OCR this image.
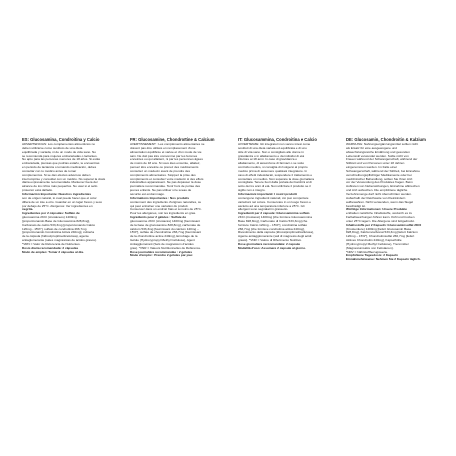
ES: Glucosamina, Condroitina y Calcio
ADVERTENCIAS: Los complementos alimenticios no
deben utilizarse como sustituto de una dieta
equilibrada y variada, ni de un modo de vida sano. No
se recomienda para mujeres embarazadas o lactantes.
No apto para las personas menores de 18 años. Si estás
embarazada, piensas que podrías estarlo, te encuentras
en periodo de lactancia o tomando medicación, debes
consultar con tu médico antes de tomar
complementos. Si se dan efectos adversos deben
interrumpirse y consultar con un médico. No superar la dosis
diaria expresamente recomendada. Mantener fuera del
alcance de los niños más pequeños. No usar si el sello
protector está dañado.
Información Importante: Nuestros ingredientes
son de origen natural, lo cual puede hacer que el color
difiera de un lote a otro. Guardar en un lugar fresco y seco
por debajo de 25°C. Alérgenos: Ver ingredientes en
negrita.
Ingredientes por 2 cápsulas: Sulfato de
glucosamina 2KCl (crustáceos) 1400mg
[proporcionando Base de Glucosamina 828,8mg],
Carbonato de calcio 533,3mg [proporcionando Calcio
120mg - 15%*], sulfato de condroitina 266,7mg
[proporcionando Condroitina Activa 240mg], cubierta
de la cápsula (hidroxipropilmetilcelulosa), agente
antiaglomerante (sales magnésicas de ácidos grasos).
*VRN = Valor de Referencia de Nutrientes.
Dosis diaria recomendada: 2 cápsulas
Modo de empleo: Tomar 2 cápsulas al día.
FR: Glucosamine, Chondroïtine & Calcium
AVERTISSEMENT : Les compléments alimentaires ne
doivent pas être utilisés en remplacement d'une
alimentation équilibrée et variée et d'un mode de vie
sain. Ne doit pas être consommé par les femmes
enceintes ou qui allaitent, ni par les personnes âgées
de moins de 18 ans. Si vous êtes enceinte, allaitez,
pensez être enceinte ou prenez des médicaments
consultez un médecin avant de prendre des
compléments alimentaires. Stoppez la prise des
compléments et consultez votre médecin si des effets
indésirables apparaissent. Ne pas dépasser la dose
journalière recommandée. Tenir hors de portée des
jeunes enfants. Ne pas utiliser si le sceau de
sécurité est endommagé.
Informations Importantes : Nos produits
contiennent des ingrédients d'origines naturelles, ce
qui peut entraîner une variation du produit.
Conservez dans un endroit frais et à moins de 25°C.
Pour les allergènes, voir les ingrédients en gras.
Ingrédients pour 2 gélules : Sulfate de
glucosamine 2KCl (crustacés) 1400mg [fournissant
de la base de glucosamine 828,8mg], carbonate de
calcium 533,3mg [fournissant du calcium 120mg –
15%*], sulfate de chondroïtine 266,7mg [fournissant
de la chondroïtine active 240mg], Enrobage de la
Gélule (Hydroxypropyl Methyl Cellulose), Agent
Antiagglomérant (Sels de magnésium d'acides
gras). *VNR = Valeurs Nutritionnelles de Référence.
Dose journalière recommandée : 2 gélules
Mode d'emploi : Prendre 2 gélules par jour.
IT: Glucosammina, Condroitina e Calcio
AVVERTENZE: Gli integratori non vanno intesi come
sostituti di una dieta variata ed equilibrata e di uno
stile di vita sano. Non è consigliato alle donne in
gravidanza o in allattamento e da individui di età
inferiore ai 18 anni. In caso di gravidanza o
allattamento, di assunzione di farmaci o se sotto
controllo medico, si consiglia di rivolgersi al proprio
medico prima di assumere qualsiasi integratore. In
caso di effetti indesiderati, sospendere il trattamento e
consultare un medico. Non superare la dose giornaliera
consigliata. Tenere fuori dalla portata dei bambini al di
sotto dei tre anni di età. Non utilizzare il prodotto se il
sigillo non è integro.
Informazioni importanti: I nostri prodotti
contengono ingredienti naturali, ciò può comportare
variazioni nel colore. Conservare in un luogo fresco e
asciutto ad una temperatura inferiore a 25°C. Gli
allergeni sono segnalati in grassetto.
Ingredienti per 2 capsule: Glucosammina solfato
2KCl (crostacei) 1400mg [che fornisce Glucosammina
Base 828,8mg], Carbonato di Calcio 533,3mg [che
fornisce Calcio 120mg – 15%*], condroitina solfato
266,7mg [che fornisce condroitina attiva 240mg],
Rivestimento della capsula (Idrossipropilmetilcellulosa),
Agente antiagglomerante (sali di magnesio degli acidi
grassi). *VNR = Valore di Riferimento Nutritivo.
Dose giornaliera raccomandata: 2 capsule
Modalità d'uso: Assumere 2 capsule al giorno.
DE: Glucosamin, Chondroitin & Kalzium
WARNUNG: Nahrungsergänzungsmittel sollten nicht
als Ersatz für eine ausgewogene und
abwechslungsreiche Ernährung und gesunden
Lebensstil verwendet werden. Sollte nicht von
Frauen während der Schwangerschaft, während der
Stillzeit und von Personen unter 18 Jahren
eingenommen werden. Im Falle einer
Schwangerschaft, während der Stillzeit, bei Einnahme
verschreibungspflichtiger Medikamente oder bei
medizinischer Behandlung, sollten Sie Ihren Arzt
vor der Verwendung des Produktes fragen. Beim
Auftreten von Nebenwirkungen, Einnahme abbrechen
und Arzt aufsuchen. Die empfohlene tägliche
Verzehrsmenge darf nicht überschritten werden.
Außerhalb der Reichweite von Kleinkindern
aufbewahren. Nicht verwenden, wenn das Siegel
beschädigt ist.
Wichtige Informationen: Unsere Produkte
enthalten natürliche Inhaltsstoffe, wodurch es zu
Farbabweichungen führen kann. Kühl und trocken
unter 25°C lagern. Die Allergene sind fettgedruckt.
Inhaltsstoffe per 2 Kapseln: Glucosaminsulfat 2KCl
(Krustentiere) 1400mg [liefert Glucosamin Base
828,8mg], Kalziumcarbonat 533,3mg [liefert Kalzium
120mg – 15%*], Chondroitinsulfat 266,7mg [liefert
Aktives Chondroitin 240mg], Kapselhülle
(Hydroxypropyl Methyl Cellulose), Trennmittel
(Magnesiumsalze von Fettsäuren).
*NRV = Nährstoffbezugswerte.
Empfohlene Tagesdosis: 2 Kapseln
Einnahmehinweise: Nehmen Sie 2 Kapseln täglich.
